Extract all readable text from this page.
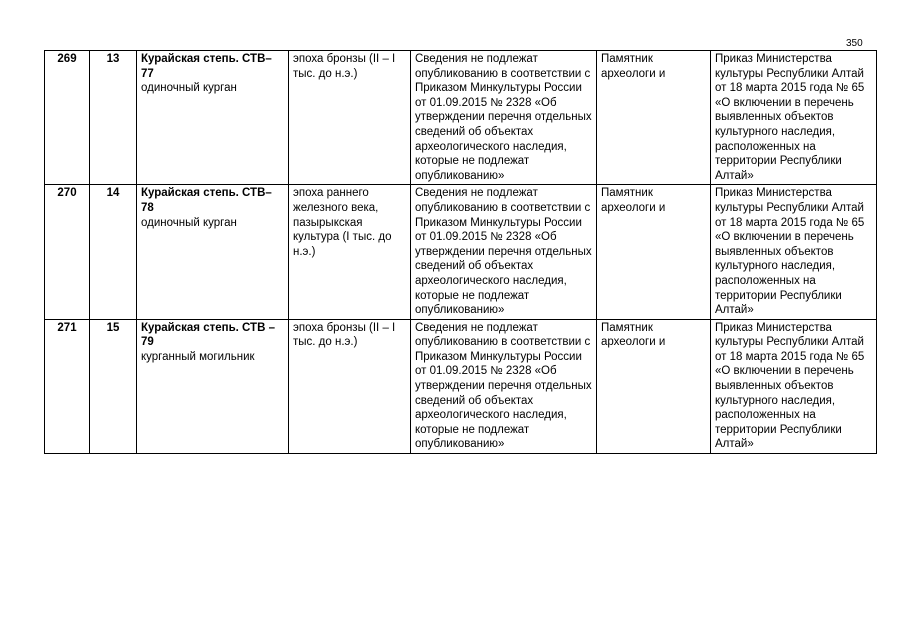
350
269	13	Курайская степь. СТВ– 77
одиночный курган	эпоха бронзы (II – I тыс. до н.э.)	Сведения не подлежат опубликованию в соответствии с Приказом Минкультуры России от 01.09.2015 № 2328 «Об утверждении перечня отдельных сведений об объектах археологического наследия, которые не подлежат опубликованию»	Памятник археологи и	Приказ Министерства культуры Республики Алтай от 18 марта 2015 года № 65 «О включении в перечень выявленных объектов культурного наследия, расположенных на территории Республики Алтай»

270	14	Курайская степь. СТВ– 78
одиночный курган	эпоха раннего железного века, пазырыкская культура (I тыс. до н.э.)	Сведения не подлежат опубликованию в соответствии с Приказом Минкультуры России от 01.09.2015 № 2328 «Об утверждении перечня отдельных сведений об объектах археологического наследия, которые не подлежат опубликованию»	Памятник археологи и	Приказ Министерства культуры Республики Алтай от 18 марта 2015 года № 65 «О включении в перечень выявленных объектов культурного наследия, расположенных на территории Республики Алтай»

271	15	Курайская степь. СТВ – 79
курганный могильник	эпоха бронзы (II – I тыс. до н.э.)	Сведения не подлежат опубликованию в соответствии с Приказом Минкультуры России от 01.09.2015 № 2328 «Об утверждении перечня отдельных сведений об объектах археологического наследия, которые не подлежат опубликованию»	Памятник археологи и	Приказ Министерства культуры Республики Алтай от 18 марта 2015 года № 65 «О включении в перечень выявленных объектов культурного наследия, расположенных на территории Республики Алтай»
